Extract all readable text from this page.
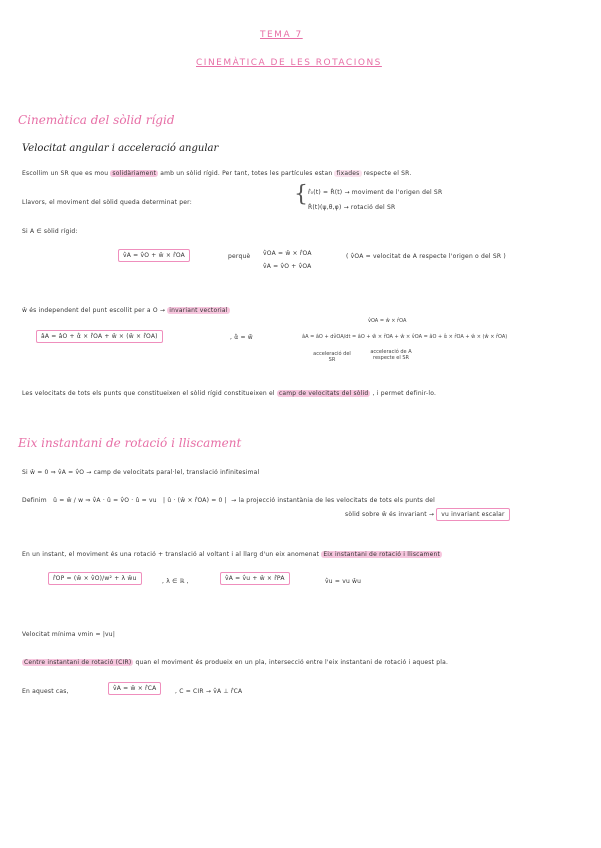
TEMA 7
CINEMÀTICA DE LES ROTACIONS
Cinemàtica del sòlid rígid
Velocitat angular i acceleració angular
Escollim un SR que es mou solidàriament amb un sòlid rígid. Per tant, totes les partícules estan fixades respecte el SR.
Llavors, el moviment del sòlid queda determinat per:	{ r̂₀(t) = R̂(t) → moviment de l'origen del SR
R̂(t)(ψ,θ,φ) → rotació del SR
Si A ∈ sòlid rígid:
v̂A = v̂O + ŵ × r̂OA	perquè v̂OA = ŵ × r̂OA
v̂A = v̂O + v̂OA
( v̂OA = velocitat de A respecte l'origen o del SR )
ŵ és independent del punt escollit per a O → invariant vectorial
âA = âO + α̂ × r̂OA + ŵ × (ŵ × r̂OA)	, α̂ = ŵ̇
v̂OA = ŵ × r̂OA
âA = âO + dv̂OA/dt = âO + ŵ̇ × r̂OA + ŵ × v̂OA = âO + α̂ × r̂OA + ŵ × (ŵ × r̂OA)
acceleració del SR
acceleració de A respecte el SR
Les velocitats de tots els punts que constitueixen el sòlid rígid constitueixen el camp de velocitats del sòlid , i permet definir-lo.
Eix instantani de rotació i lliscament
Si ŵ = 0 ⇒ v̂A = v̂O → camp de velocitats paral·lel, translació infinitesimal
Definim û = ŵ / w ⇒ v̂A · û = v̂O · û = vu | û · (ŵ × r̂OA) = 0 | → la projecció instantània de les velocitats de tots els punts del
sòlid sobre ŵ és invariant → vu invariant escalar
En un instant, el moviment és una rotació + translació al voltant i al llarg d'un eix anomenat Eix instantani de rotació i lliscament
r̂OP = (ŵ × v̂O)/w² + λ ŵu	, λ ∈ ℝ ,	v̂A = v̂u + ŵ × r̂PA	v̂u = vu ŵu
Velocitat mínima vmin = |vu|
Centre instantani de rotació (CIR) quan el moviment és produeix en un pla, intersecció entre l'eix instantani de rotació i aquest pla.
En aquest cas,	v̂A = ŵ × r̂CA	, C = CIR → v̂A ⊥ r̂CA
